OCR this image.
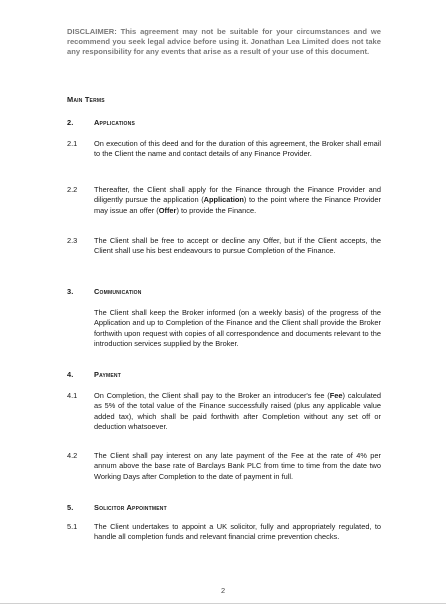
DISCLAIMER: This agreement may not be suitable for your circumstances and we recommend you seek legal advice before using it. Jonathan Lea Limited does not take any responsibility for any events that arise as a result of your use of this document.
Main Terms
2.	Applications
2.1 On execution of this deed and for the duration of this agreement, the Broker shall email to the Client the name and contact details of any Finance Provider.
2.2 Thereafter, the Client shall apply for the Finance through the Finance Provider and diligently pursue the application (Application) to the point where the Finance Provider may issue an offer (Offer) to provide the Finance.
2.3 The Client shall be free to accept or decline any Offer, but if the Client accepts, the Client shall use his best endeavours to pursue Completion of the Finance.
3.	Communication
The Client shall keep the Broker informed (on a weekly basis) of the progress of the Application and up to Completion of the Finance and the Client shall provide the Broker forthwith upon request with copies of all correspondence and documents relevant to the introduction services supplied by the Broker.
4.	Payment
4.1 On Completion, the Client shall pay to the Broker an introducer's fee (Fee) calculated as 5% of the total value of the Finance successfully raised (plus any applicable value added tax), which shall be paid forthwith after Completion without any set off or deduction whatsoever.
4.2 The Client shall pay interest on any late payment of the Fee at the rate of 4% per annum above the base rate of Barclays Bank PLC from time to time from the date two Working Days after Completion to the date of payment in full.
5.	Solicitor Appointment
5.1 The Client undertakes to appoint a UK solicitor, fully and appropriately regulated, to handle all completion funds and relevant financial crime prevention checks.
2
